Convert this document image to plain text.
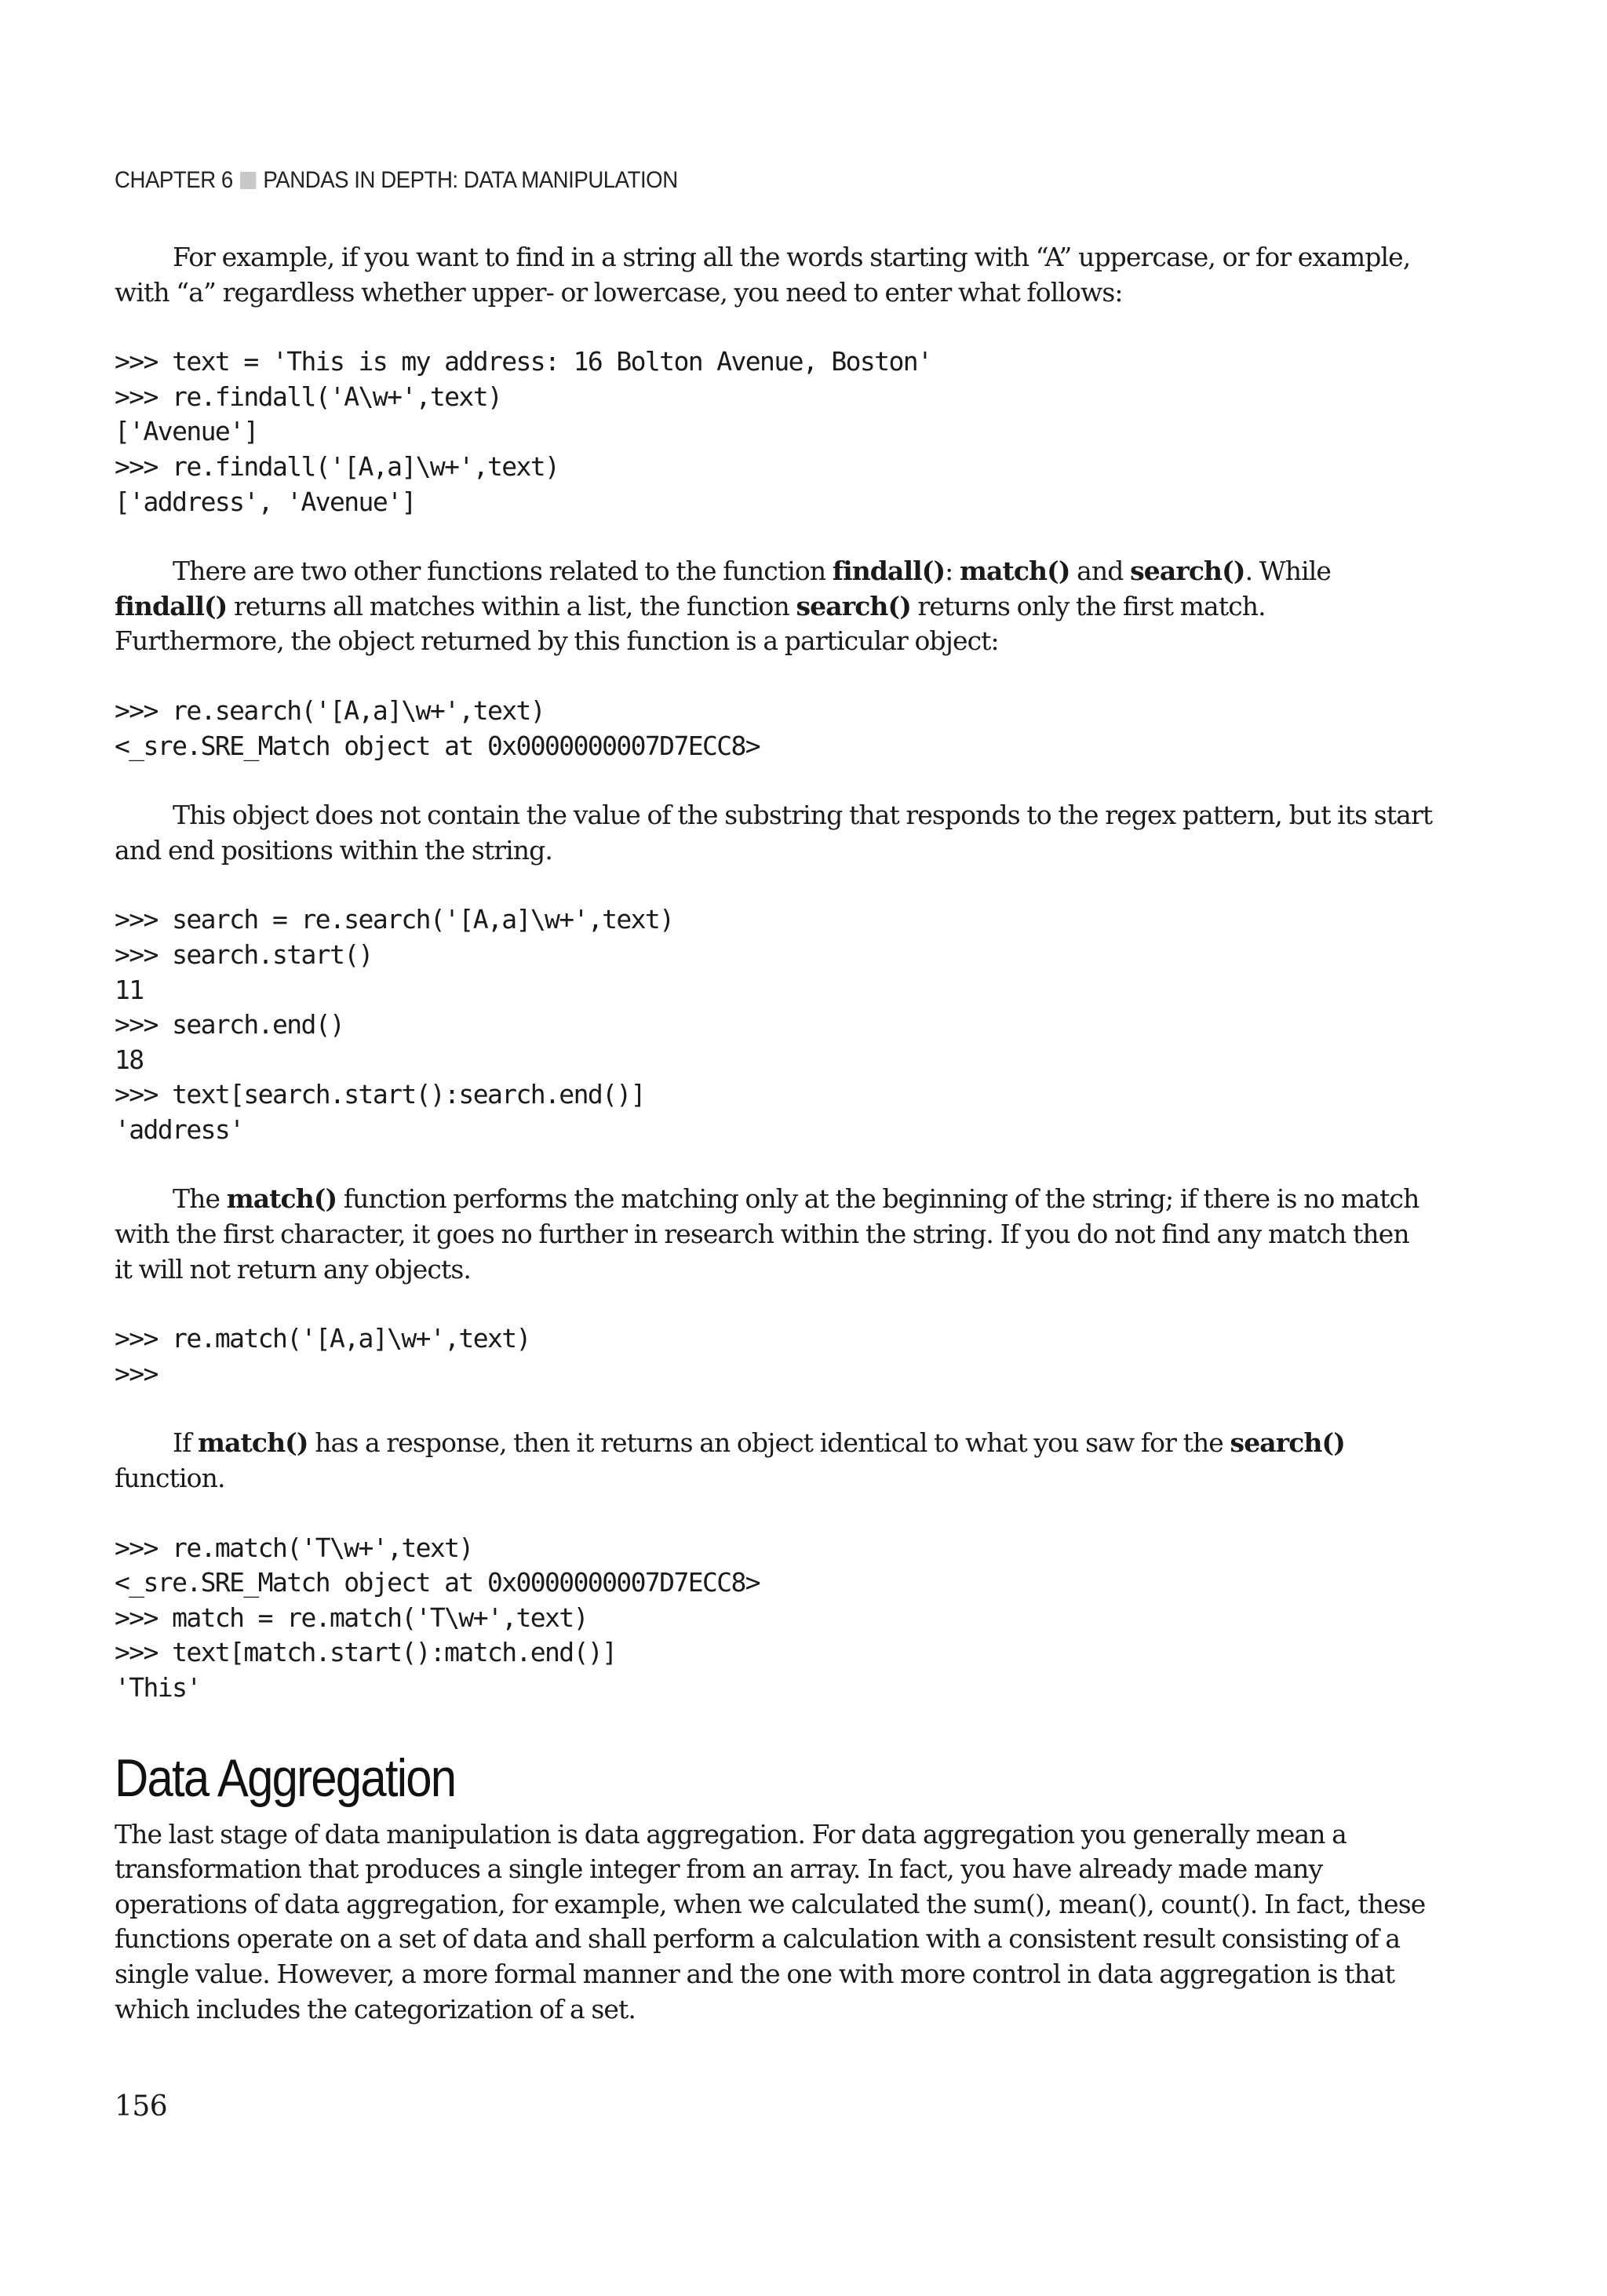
CHAPTER 6 PANDAS IN DEPTH: DATA MANIPULATION

For example, if you want to find in a string all the words starting with “A” uppercase, or for example, with “a” regardless whether upper- or lowercase, you need to enter what follows:

>>> text = 'This is my address: 16 Bolton Avenue, Boston'
>>> re.findall('A\w+',text)
['Avenue']
>>> re.findall('[A,a]\w+',text)
['address', 'Avenue']

There are two other functions related to the function findall(): match() and search(). While findall() returns all matches within a list, the function search() returns only the first match. Furthermore, the object returned by this function is a particular object:

>>> re.search('[A,a]\w+',text)
<_sre.SRE_Match object at 0x0000000007D7ECC8>

This object does not contain the value of the substring that responds to the regex pattern, but its start and end positions within the string.

>>> search = re.search('[A,a]\w+',text)
>>> search.start()
11
>>> search.end()
18
>>> text[search.start():search.end()]
'address'

The match() function performs the matching only at the beginning of the string; if there is no match with the first character, it goes no further in research within the string. If you do not find any match then it will not return any objects.

>>> re.match('[A,a]\w+',text)
>>>

If match() has a response, then it returns an object identical to what you saw for the search() function.

>>> re.match('T\w+',text)
<_sre.SRE_Match object at 0x0000000007D7ECC8>
>>> match = re.match('T\w+',text)
>>> text[match.start():match.end()]
'This'
Data Aggregation

The last stage of data manipulation is data aggregation. For data aggregation you generally mean a transformation that produces a single integer from an array. In fact, you have already made many operations of data aggregation, for example, when we calculated the sum(), mean(), count(). In fact, these functions operate on a set of data and shall perform a calculation with a consistent result consisting of a single value. However, a more formal manner and the one with more control in data aggregation is that which includes the categorization of a set.

156
